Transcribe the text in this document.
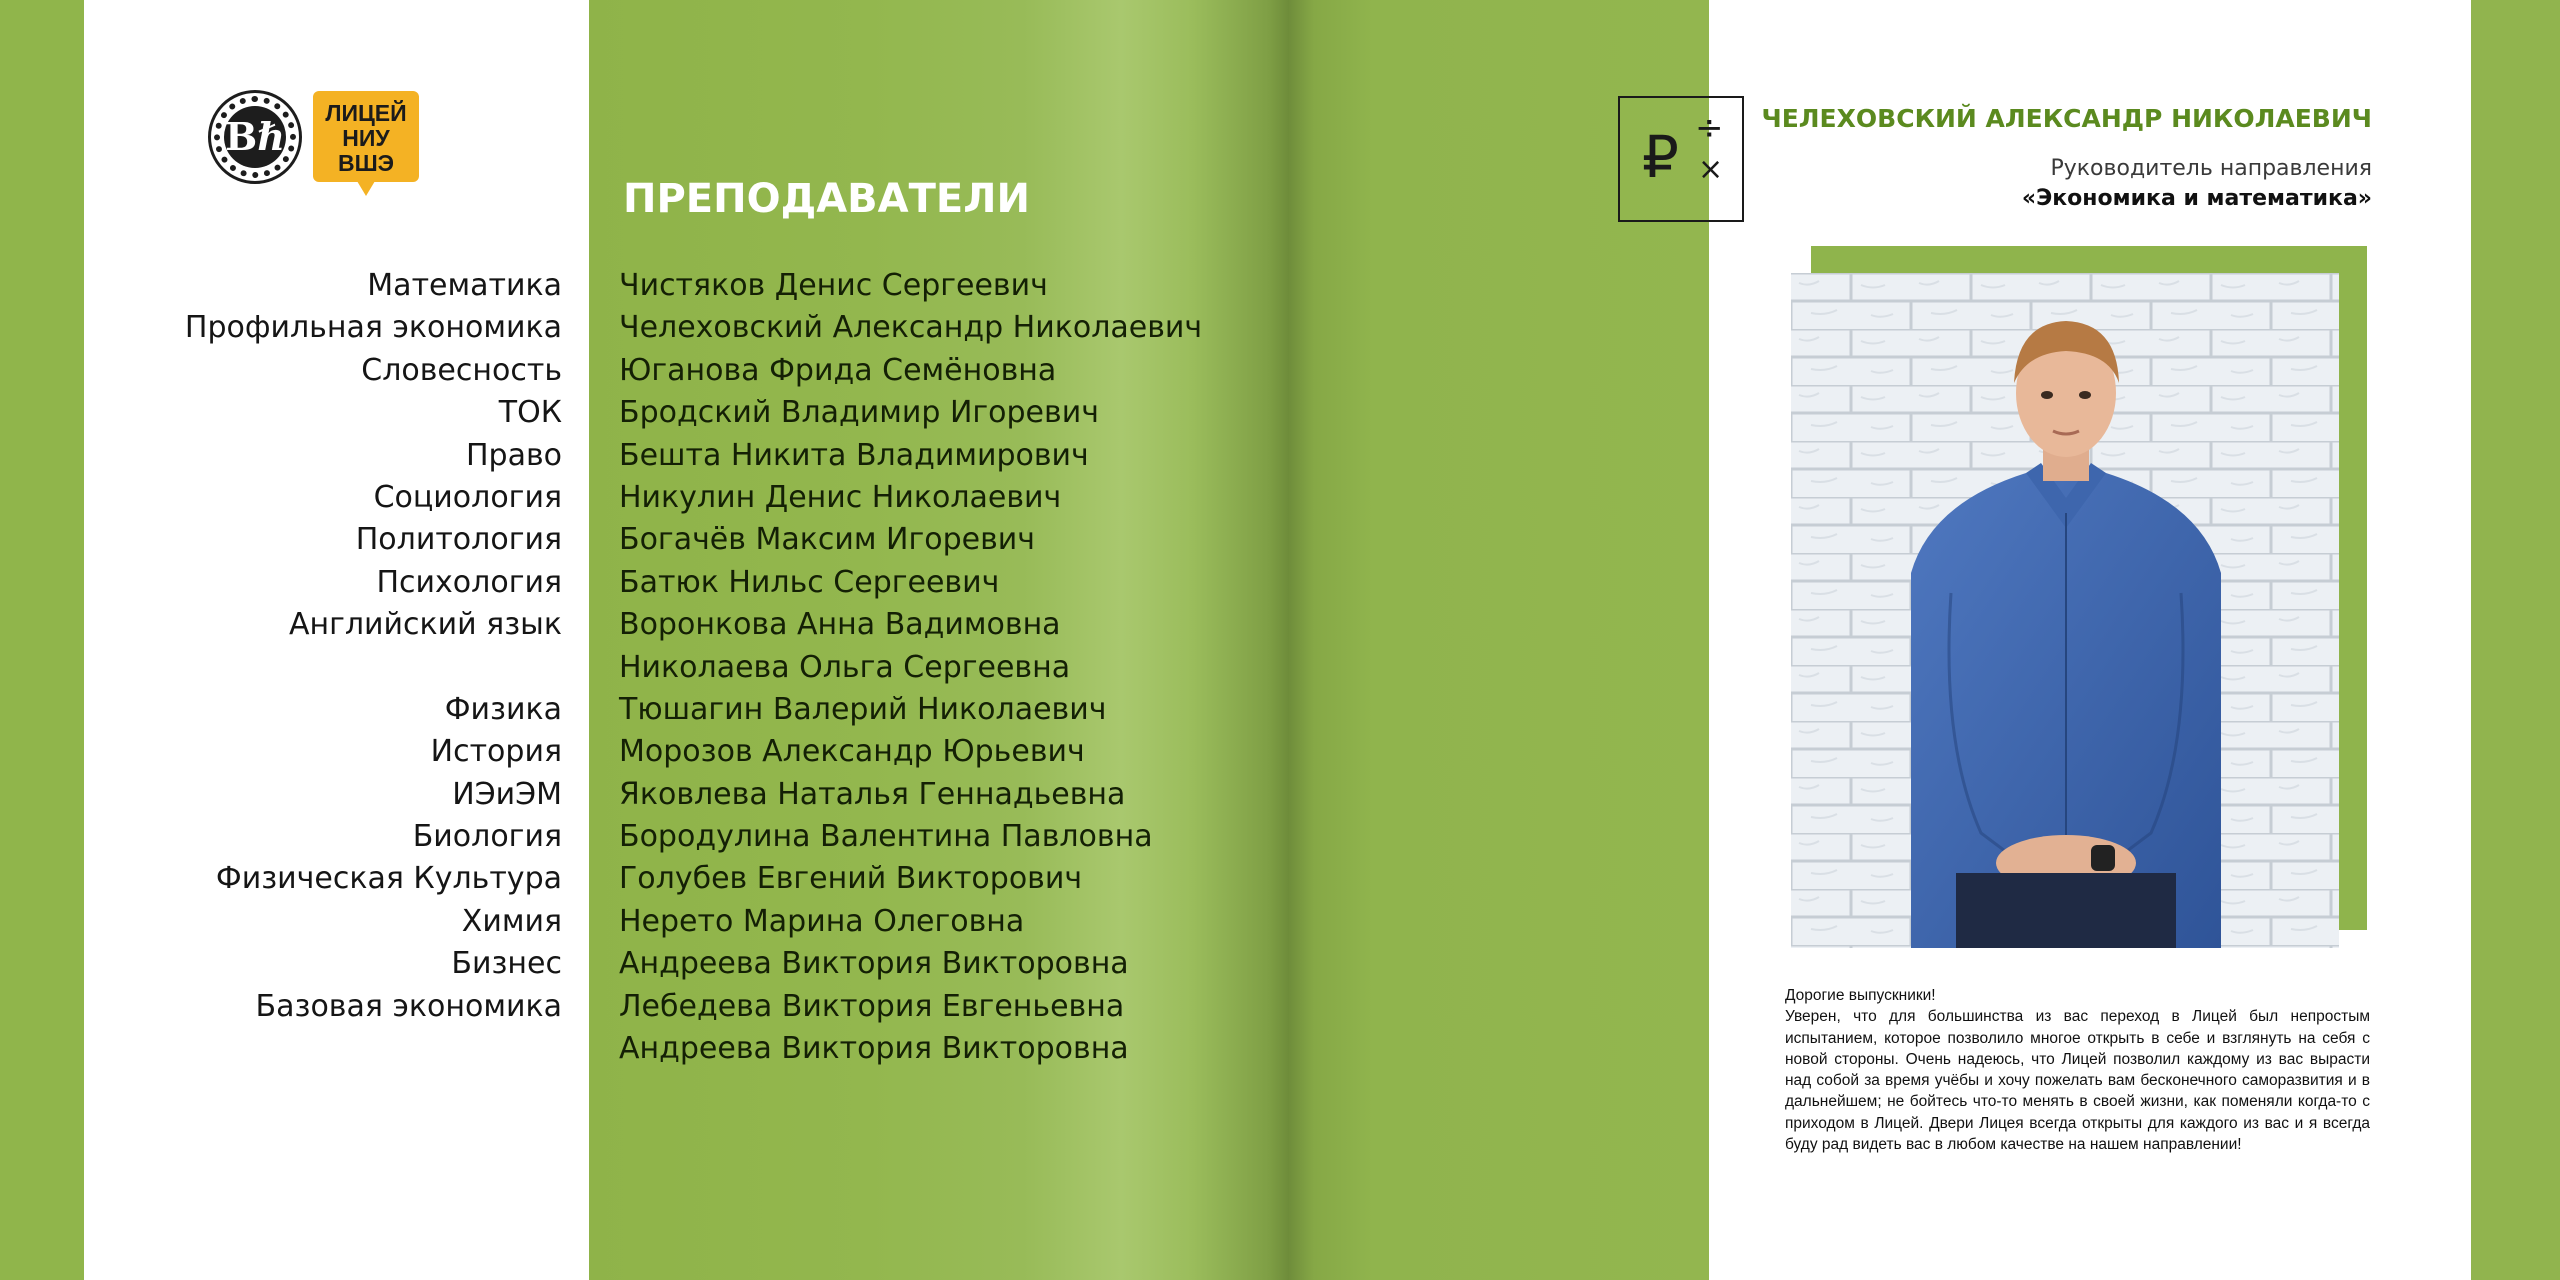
Вℏ
ЛИЦЕЙ
НИУ
ВШЭ
ПРЕПОДАВАТЕЛИ
Математика
Профильная экономика
Словесность
ТОК
Право
Социология
Политология
Психология
Английский язык
Физика
История
ИЭиЭМ
Биология
Физическая Культура
Химия
Бизнес
Базовая экономика
Чистяков Денис Сергеевич
Челеховский Александр Николаевич
Юганова Фрида Семёновна
Бродский Владимир Игоревич
Бешта Никита Владимирович
Никулин Денис Николаевич
Богачёв Максим Игоревич
Батюк Нильс Сергеевич
Воронкова Анна Вадимовна
Николаева Ольга Сергеевна
Тюшагин Валерий Николаевич
Морозов Александр Юрьевич
Яковлева Наталья Геннадьевна
Бородулина Валентина Павловна
Голубев Евгений Викторович
Нерето Марина Олеговна
Андреева Виктория Викторовна
Лебедева Виктория Евгеньевна
Андреева Виктория Викторовна
₽ ÷
×
ЧЕЛЕХОВСКИЙ АЛЕКСАНДР НИКОЛАЕВИЧ
Руководитель направления
«Экономика и математика»

Дорогие выпускники!

Уверен, что для большинства из вас переход в Лицей был непростым испытанием, которое позволило многое открыть в себе и взглянуть на себя с новой стороны. Очень надеюсь, что Лицей позволил каждому из вас вырасти над собой за время учёбы и хочу пожелать вам бесконечного саморазвития и в дальнейшем; не бойтесь что-то менять в своей жизни, как поменяли когда-то с приходом в Лицей. Двери Лицея всегда открыты для каждого из вас и я всегда буду рад видеть вас в любом качестве на нашем направлении!
